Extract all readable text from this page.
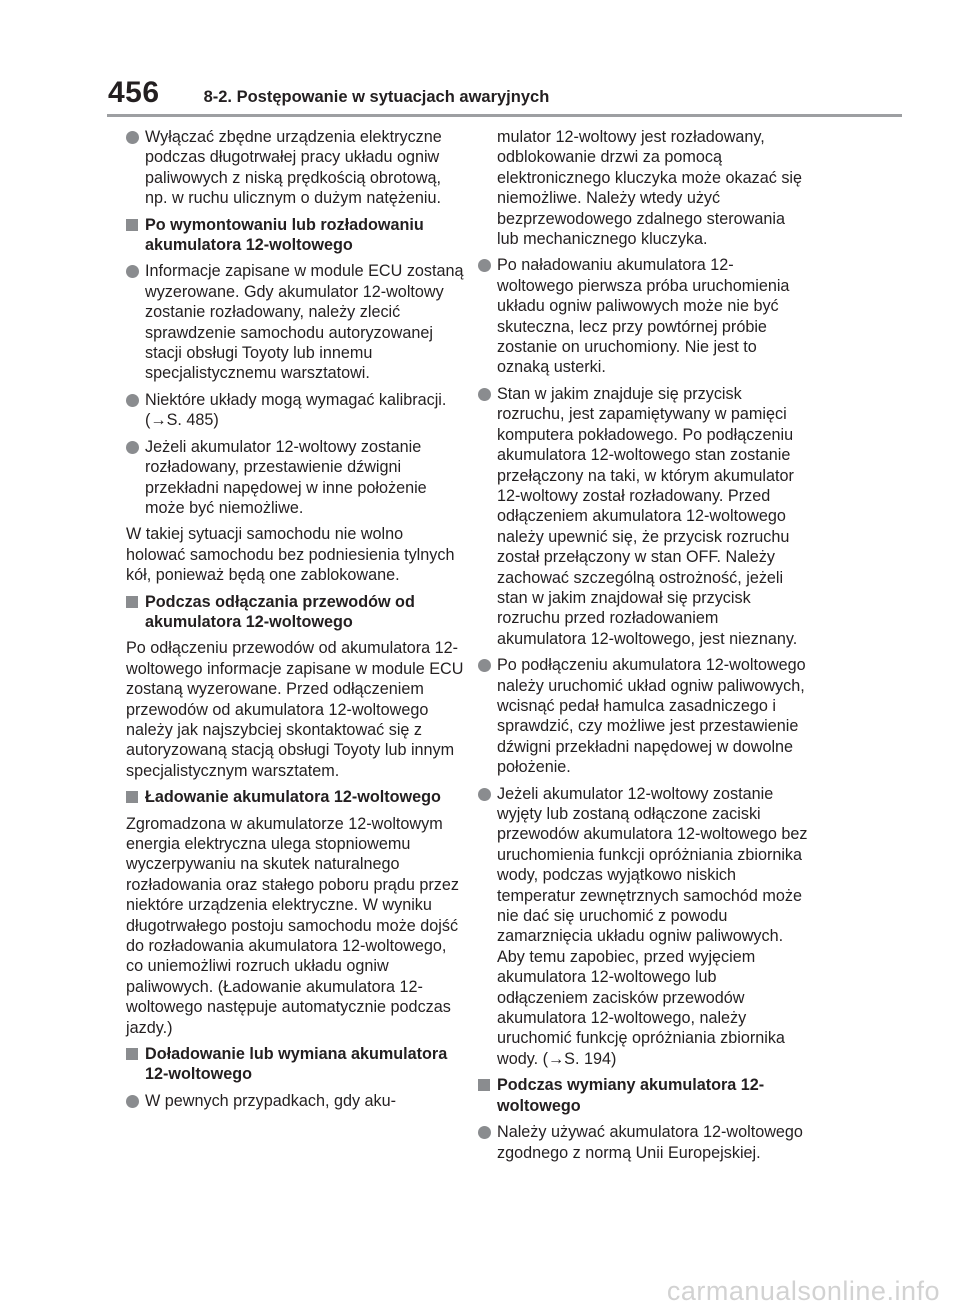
456	8-2. Postępowanie w sytuacjach awaryjnych
Wyłączać zbędne urządzenia elektryczne podczas długotrwałej pracy układu ogniw paliwowych z niską prędkością obrotową, np. w ruchu ulicznym o dużym natężeniu.
Po wymontowaniu lub rozładowaniu akumulatora 12-woltowego
Informacje zapisane w module ECU zostaną wyzerowane. Gdy akumulator 12-woltowy zostanie rozładowany, należy zlecić sprawdzenie samochodu autoryzowanej stacji obsługi Toyoty lub innemu specjalistycznemu warsztatowi.
Niektóre układy mogą wymagać kalibracji. (→S. 485)
Jeżeli akumulator 12-woltowy zostanie rozładowany, przestawienie dźwigni przekładni napędowej w inne położenie może być niemożliwe.
W takiej sytuacji samochodu nie wolno holować samochodu bez podniesienia tylnych kół, ponieważ będą one zablokowane.
Podczas odłączania przewodów od akumulatora 12-woltowego
Po odłączeniu przewodów od akumulatora 12-woltowego informacje zapisane w module ECU zostaną wyzerowane. Przed odłączeniem przewodów od akumulatora 12-woltowego należy jak najszybciej skontaktować się z autoryzowaną stacją obsługi Toyoty lub innym specjalistycznym warsztatem.
Ładowanie akumulatora 12-woltowego
Zgromadzona w akumulatorze 12-woltowym energia elektryczna ulega stopniowemu wyczerpywaniu na skutek naturalnego rozładowania oraz stałego poboru prądu przez niektóre urządzenia elektryczne. W wyniku długotrwałego postoju samochodu może dojść do rozładowania akumulatora 12-woltowego, co uniemożliwi rozruch układu ogniw paliwowych. (Ładowanie akumulatora 12-woltowego następuje automatycznie podczas jazdy.)
Doładowanie lub wymiana akumulatora 12-woltowego
W pewnych przypadkach, gdy aku-
mulator 12-woltowy jest rozładowany, odblokowanie drzwi za pomocą elektronicznego kluczyka może okazać się niemożliwe. Należy wtedy użyć bezprzewodowego zdalnego sterowania lub mechanicznego kluczyka.
Po naładowaniu akumulatora 12-woltowego pierwsza próba uruchomienia układu ogniw paliwowych może nie być skuteczna, lecz przy powtórnej próbie zostanie on uruchomiony. Nie jest to oznaką usterki.
Stan w jakim znajduje się przycisk rozruchu, jest zapamiętywany w pamięci komputera pokładowego. Po podłączeniu akumulatora 12-woltowego stan zostanie przełączony na taki, w którym akumulator 12-woltowy został rozładowany. Przed odłączeniem akumulatora 12-woltowego należy upewnić się, że przycisk rozruchu został przełączony w stan OFF. Należy zachować szczególną ostrożność, jeżeli stan w jakim znajdował się przycisk rozruchu przed rozładowaniem akumulatora 12-woltowego, jest nieznany.
Po podłączeniu akumulatora 12-woltowego należy uruchomić układ ogniw paliwowych, wcisnąć pedał hamulca zasadniczego i sprawdzić, czy możliwe jest przestawienie dźwigni przekładni napędowej w dowolne położenie.
Jeżeli akumulator 12-woltowy zostanie wyjęty lub zostaną odłączone zaciski przewodów akumulatora 12-woltowego bez uruchomienia funkcji opróżniania zbiornika wody, podczas wyjątkowo niskich temperatur zewnętrznych samochód może nie dać się uruchomić z powodu zamarznięcia układu ogniw paliwowych. Aby temu zapobiec, przed wyjęciem akumulatora 12-woltowego lub odłączeniem zacisków przewodów akumulatora 12-woltowego, należy uruchomić funkcję opróżniania zbiornika wody. (→S. 194)
Podczas wymiany akumulatora 12-woltowego
Należy używać akumulatora 12-woltowego zgodnego z normą Unii Europejskiej.
carmanualsonline.info
